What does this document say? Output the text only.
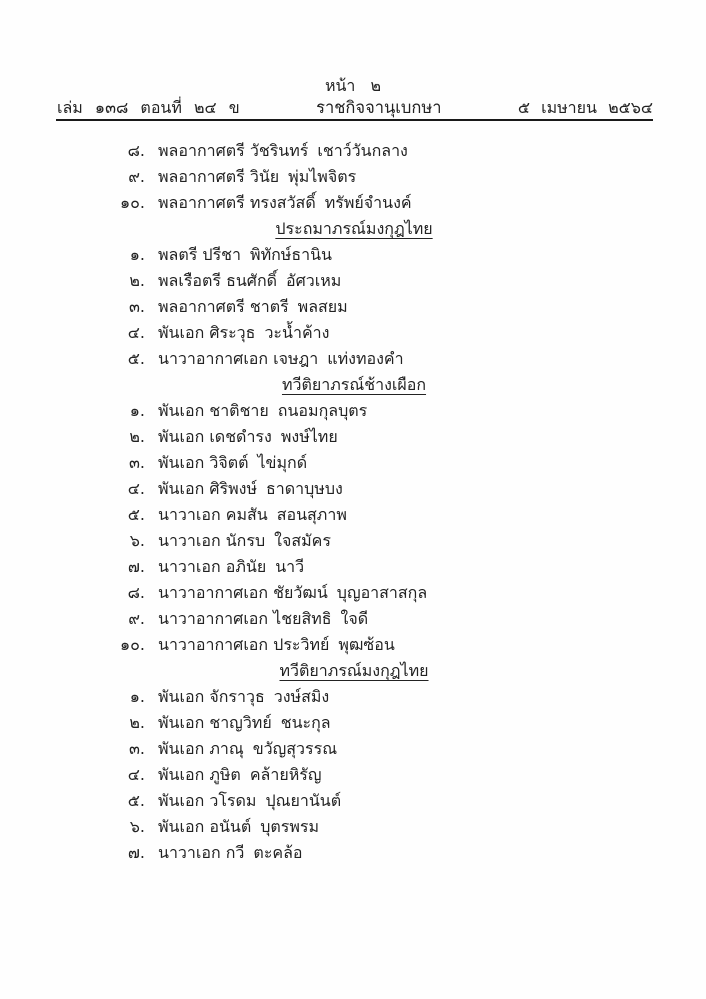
หน้า ๒
เล่ม ๑๓๘ ตอนที่ ๒๔ ข	ราชกิจจานุเบกษา	๕ เมษายน ๒๕๖๔
๘. พลอากาศตรี วัชรินทร์ เชาว์วันกลาง
๙. พลอากาศตรี วินัย พุ่มไพจิตร
๑๐. พลอากาศตรี ทรงสวัสดิ์ ทรัพย์จำนงค์
ประถมาภรณ์มงกุฎไทย
๑. พลตรี ปรีชา พิทักษ์ธานิน
๒. พลเรือตรี ธนศักดิ์ อัศวเหม
๓. พลอากาศตรี ชาตรี พลสยม
๔. พันเอก ศิระวุธ วะน้ำค้าง
๕. นาวาอากาศเอก เจษฎา แท่งทองคำ
ทวีติยาภรณ์ช้างเผือก
๑. พันเอก ชาติชาย ถนอมกุลบุตร
๒. พันเอก เดชดำรง พงษ์ไทย
๓. พันเอก วิจิตต์ ไข่มุกด์
๔. พันเอก ศิริพงษ์ ธาดาบุษบง
๕. นาวาเอก คมสัน สอนสุภาพ
๖. นาวาเอก นักรบ ใจสมัคร
๗. นาวาเอก อภินัย นาวี
๘. นาวาอากาศเอก ชัยวัฒน์ บุญอาสาสกุล
๙. นาวาอากาศเอก ไชยสิทธิ ใจดี
๑๐. นาวาอากาศเอก ประวิทย์ พุฒซ้อน
ทวีติยาภรณ์มงกุฎไทย
๑. พันเอก จักราวุธ วงษ์สมิง
๒. พันเอก ชาญวิทย์ ชนะกุล
๓. พันเอก ภาณุ ขวัญสุวรรณ
๔. พันเอก ภูษิต คล้ายหิรัญ
๕. พันเอก วโรดม ปุณยานันต์
๖. พันเอก อนันต์ บุตรพรม
๗. นาวาเอก กวี ตะคล้อ
